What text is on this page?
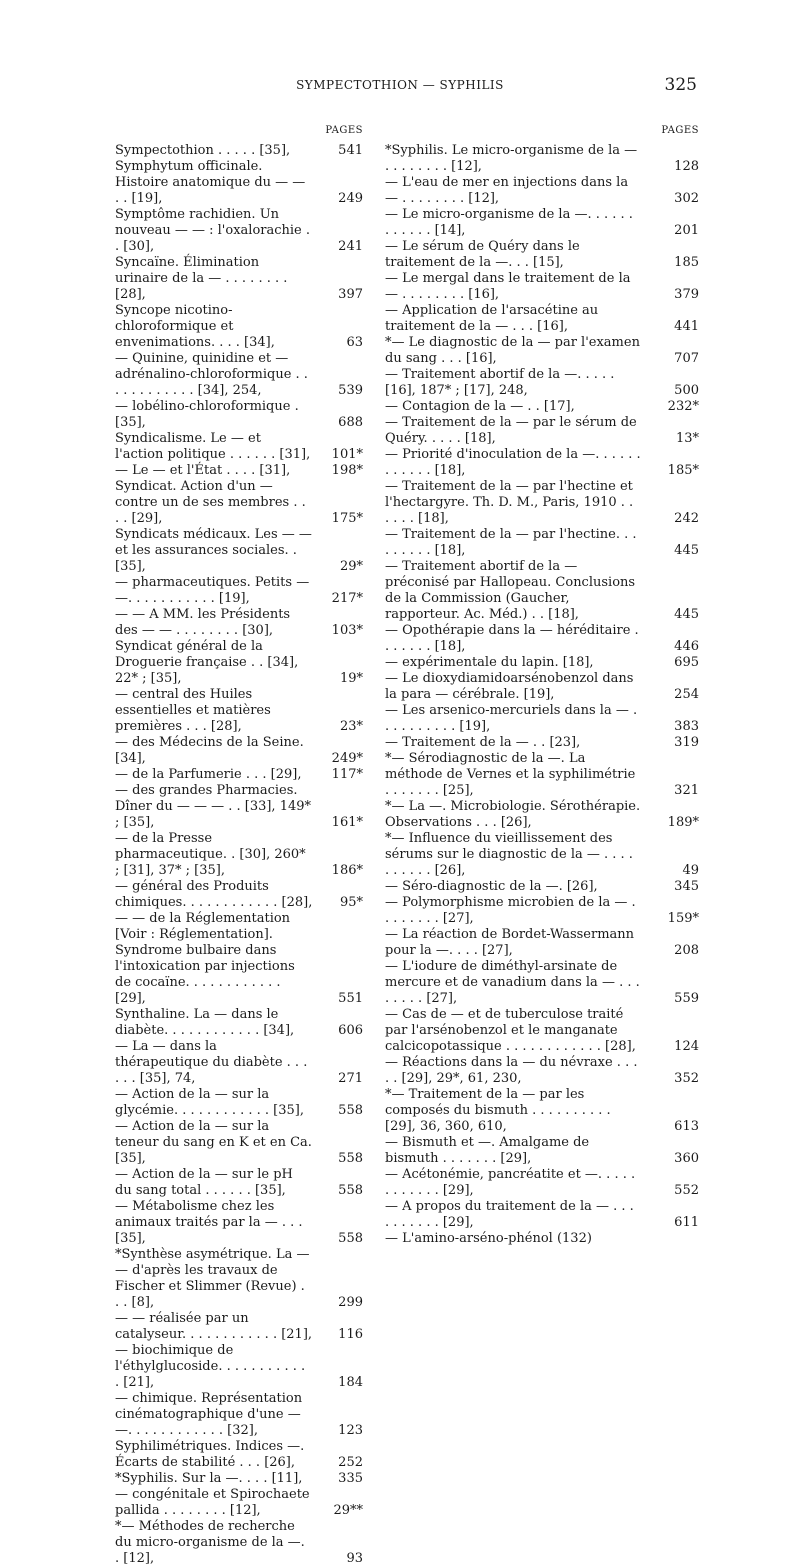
SYMPECTOTHION — SYPHILIS	325
PAGES
Sympectothion . . . . . [35],	541
Symphytum officinale. Histoire anatomique du — — . . [19],	249
Symptôme rachidien. Un nouveau — — : l'oxalorachie . . [30],	241
Syncaïne. Élimination urinaire de la — . . . . . . . . [28],	397
Syncope nicotino-chloroformique et envenimations. . . . [34],	63
— Quinine, quinidine et — adrénalino-chloroformique . . . . . . . . . . . . [34], 254,	539
— lobélino-chloroformique . [35],	688
Syndicalisme. Le — et l'action politique . . . . . . [31],	101*
— Le — et l'État . . . . [31],	198*
Syndicat. Action d'un — contre un de ses membres . . . . [29],	175*
Syndicats médicaux. Les — — et les assurances sociales. . [35],	29*
— pharmaceutiques. Petits — —. . . . . . . . . . . [19],	217*
— — A MM. les Présidents des — — . . . . . . . . [30],	103*
Syndicat général de la Droguerie française . . [34], 22* ; [35],	19*
— central des Huiles essentielles et matières premières . . . [28],	23*
— des Médecins de la Seine. [34],	249*
— de la Parfumerie . . . [29],	117*
— des grandes Pharmacies. Dîner du — — — . . [33], 149* ; [35],	161*
— de la Presse pharmaceutique. . [30], 260* ; [31], 37* ; [35],	186*
— général des Produits chimiques. . . . . . . . . . . . [28],	95*
— — de la Réglementation [Voir : Réglementation].
Syndrome bulbaire dans l'intoxication par injections de cocaïne. . . . . . . . . . . . [29],	551
Synthaline. La — dans le diabète. . . . . . . . . . . . [34],	606
— La — dans la thérapeutique du diabète . . . . . . [35], 74,	271
— Action de la — sur la glycémie. . . . . . . . . . . . [35],	558
— Action de la — sur la teneur du sang en K et en Ca. [35],	558
— Action de la — sur le pH du sang total . . . . . . [35],	558
— Métabolisme chez les animaux traités par la — . . . [35],	558
*Synthèse asymétrique. La — — d'après les travaux de Fischer et Slimmer (Revue) . . . [8],	299
— — réalisée par un catalyseur. . . . . . . . . . . . [21],	116
— biochimique de l'éthylglucoside. . . . . . . . . . . . [21],	184
— chimique. Représentation cinématographique d'une — —. . . . . . . . . . . . [32],	123
Syphilimétriques. Indices —. Écarts de stabilité . . . [26],	252
*Syphilis. Sur la —. . . . [11],	335
— congénitale et Spirochaete pallida . . . . . . . . [12],	29**
*— Méthodes de recherche du micro-organisme de la —. . [12],	93
PAGES
*Syphilis. Le micro-organisme de la — . . . . . . . . [12],	128
— L'eau de mer en injections dans la — . . . . . . . . [12],	302
— Le micro-organisme de la —. . . . . . . . . . . . [14],	201
— Le sérum de Quéry dans le traitement de la —. . . [15],	185
— Le mergal dans le traitement de la — . . . . . . . . [16],	379
— Application de l'arsacétine au traitement de la — . . . [16],	441
*— Le diagnostic de la — par l'examen du sang . . . [16],	707
— Traitement abortif de la —. . . . . [16], 187* ; [17], 248,	500
— Contagion de la — . . [17],	232*
— Traitement de la — par le sérum de Quéry. . . . . [18],	13*
— Priorité d'inoculation de la —. . . . . . . . . . . . [18],	185*
— Traitement de la — par l'hectine et l'hectargyre. Th. D. M., Paris, 1910 . . . . . . [18],	242
— Traitement de la — par l'hectine. . . . . . . . . [18],	445
— Traitement abortif de la — préconisé par Hallopeau. Conclusions de la Commission (Gaucher, rapporteur. Ac. Méd.) . . [18],	445
— Opothérapie dans la — héréditaire . . . . . . . [18],	446
— expérimentale du lapin. [18],	695
— Le dioxydiamidoarsénobenzol dans la para — cérébrale. [19],	254
— Les arsenico-mercuriels dans la — . . . . . . . . . . [19],	383
— Traitement de la — . . [23],	319
*— Sérodiagnostic de la —. La méthode de Vernes et la syphilimétrie . . . . . . . [25],	321
*— La —. Microbiologie. Sérothérapie. Observations . . . [26],	189*
*— Influence du vieillissement des sérums sur le diagnostic de la — . . . . . . . . . . [26],	49
— Séro-diagnostic de la —. [26],	345
— Polymorphisme microbien de la — . . . . . . . . [27],	159*
— La réaction de Bordet-Wassermann pour la —. . . . [27],	208
— L'iodure de diméthyl-arsinate de mercure et de vanadium dans la — . . . . . . . . [27],	559
— Cas de — et de tuberculose traité par l'arsénobenzol et le manganate calcicopotassique . . . . . . . . . . . . [28],	124
— Réactions dans la — du névraxe . . . . . [29], 29*, 61, 230,	352
*— Traitement de la — par les composés du bismuth . . . . . . . . . . [29], 36, 360, 610,	613
— Bismuth et —. Amalgame de bismuth . . . . . . . [29],	360
— Acétonémie, pancréatite et —. . . . . . . . . . . . [29],	552
— A propos du traitement de la — . . . . . . . . . . [29],	611
— L'amino-arséno-phénol (132)
